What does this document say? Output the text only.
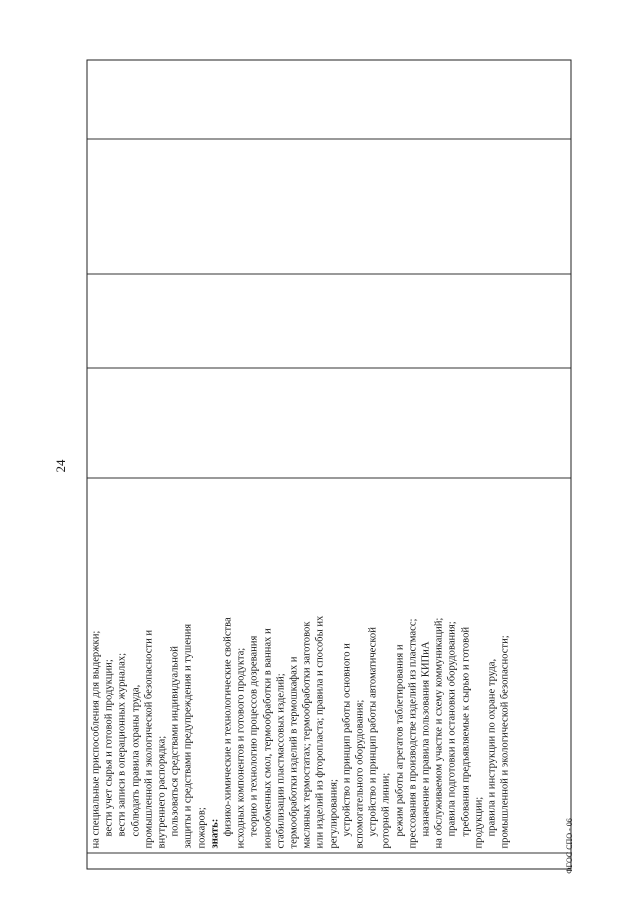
24
на специальные приспособления для выдержки; вести учет сырья и готовой продукции; вести записи в операционных журналах; соблюдать правила охраны труда, промышленной и экологической безопасности и внутреннего распорядка; пользоваться средствами индивидуальной защиты и средствами предупреждения и тушения пожаров; знать: физико-химические и технологические свойства исходных компонентов и готового продукта; теорию и технологию процессов дозревания ионообменных смол, термообработки в ваннах и стабилизации пластмассовых изделий; термообработки изделий в термошкафах и масляных термостатах; термообработки заготовок или изделий из фторопласта; правила и способы их регулирования; устройство и принцип работы основного и вспомогательного оборудования; устройство и принцип работы автоматической роторной линии; режим работы агрегатов таблетирования и прессования в производстве изделий из пластмасс; назначение и правила пользования КИПиА на обслуживаемом участке и схему коммуникаций; правила подготовки и остановки оборудования; требования предъявляемые к сырью и готовой продукции; правила и инструкции по охране труда, промышленной и экологической безопасности;	ФГОС СПО - 06
